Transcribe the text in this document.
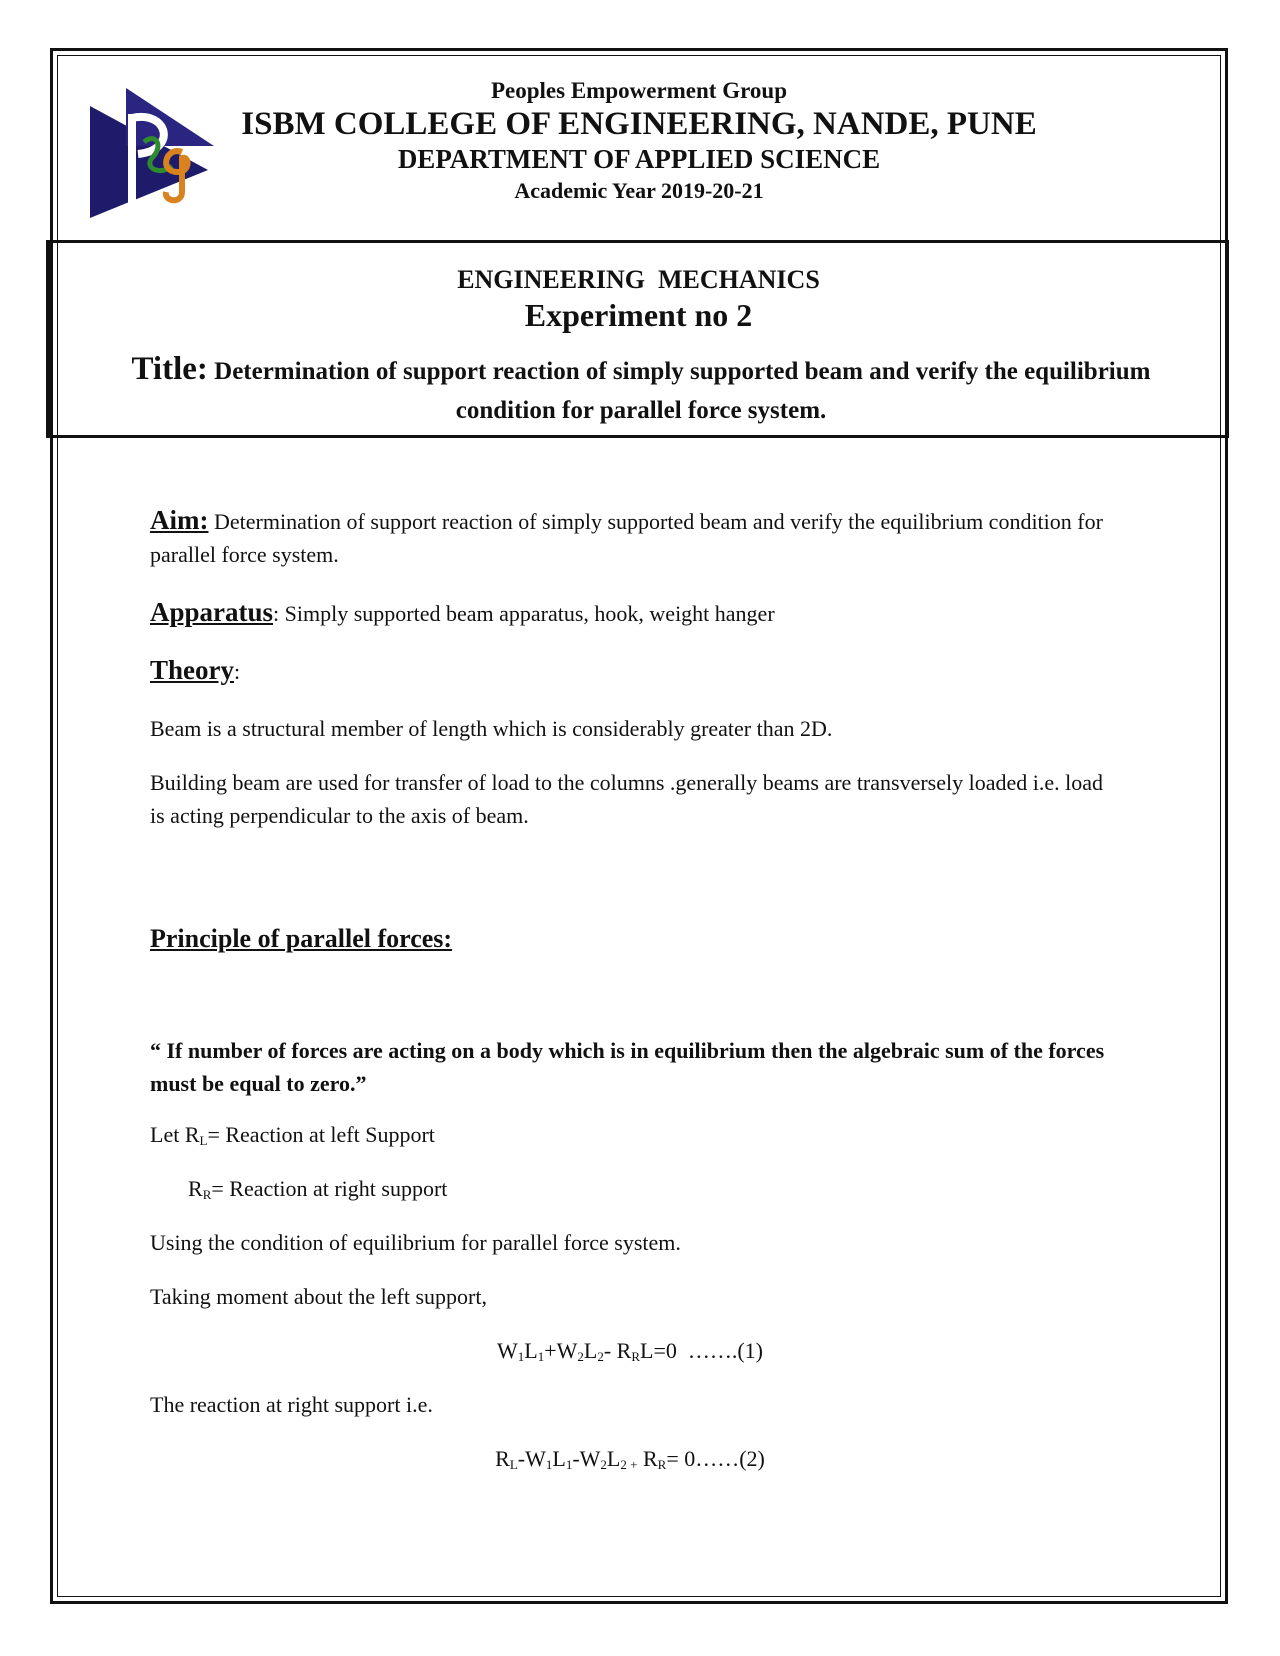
Peoples Empowerment Group
ISBM COLLEGE OF ENGINEERING, NANDE, PUNE
DEPARTMENT OF APPLIED SCIENCE
Academic Year 2019-20-21
ENGINEERING  MECHANICS
Experiment no 2
Title: Determination of support reaction of simply supported beam and verify the equilibrium condition for parallel force system.
Aim: Determination of support reaction of simply supported beam and verify the equilibrium condition for parallel force system.
Apparatus: Simply supported beam apparatus, hook, weight hanger
Theory:
Beam is a structural member of length which is considerably greater than 2D.
Building beam are used for transfer of load to the columns .generally beams are transversely loaded i.e. load is acting perpendicular to the axis of beam.
Principle of parallel forces:
“ If number of forces are acting on a body which is in equilibrium then the algebraic sum of the forces must be equal to zero.”
Let $R_L=$ Reaction at left Support
$R_R=$ Reaction at right support
Using the condition of equilibrium for parallel force system.
Taking moment about the left support,
$W_1L_1+W_2L_2-$ $R_RL=0$  …….(1)
The reaction at right support i.e.
$R_L-W_1L_1-W_2L_{2 +}$ $R_R=$ 0……(2)
